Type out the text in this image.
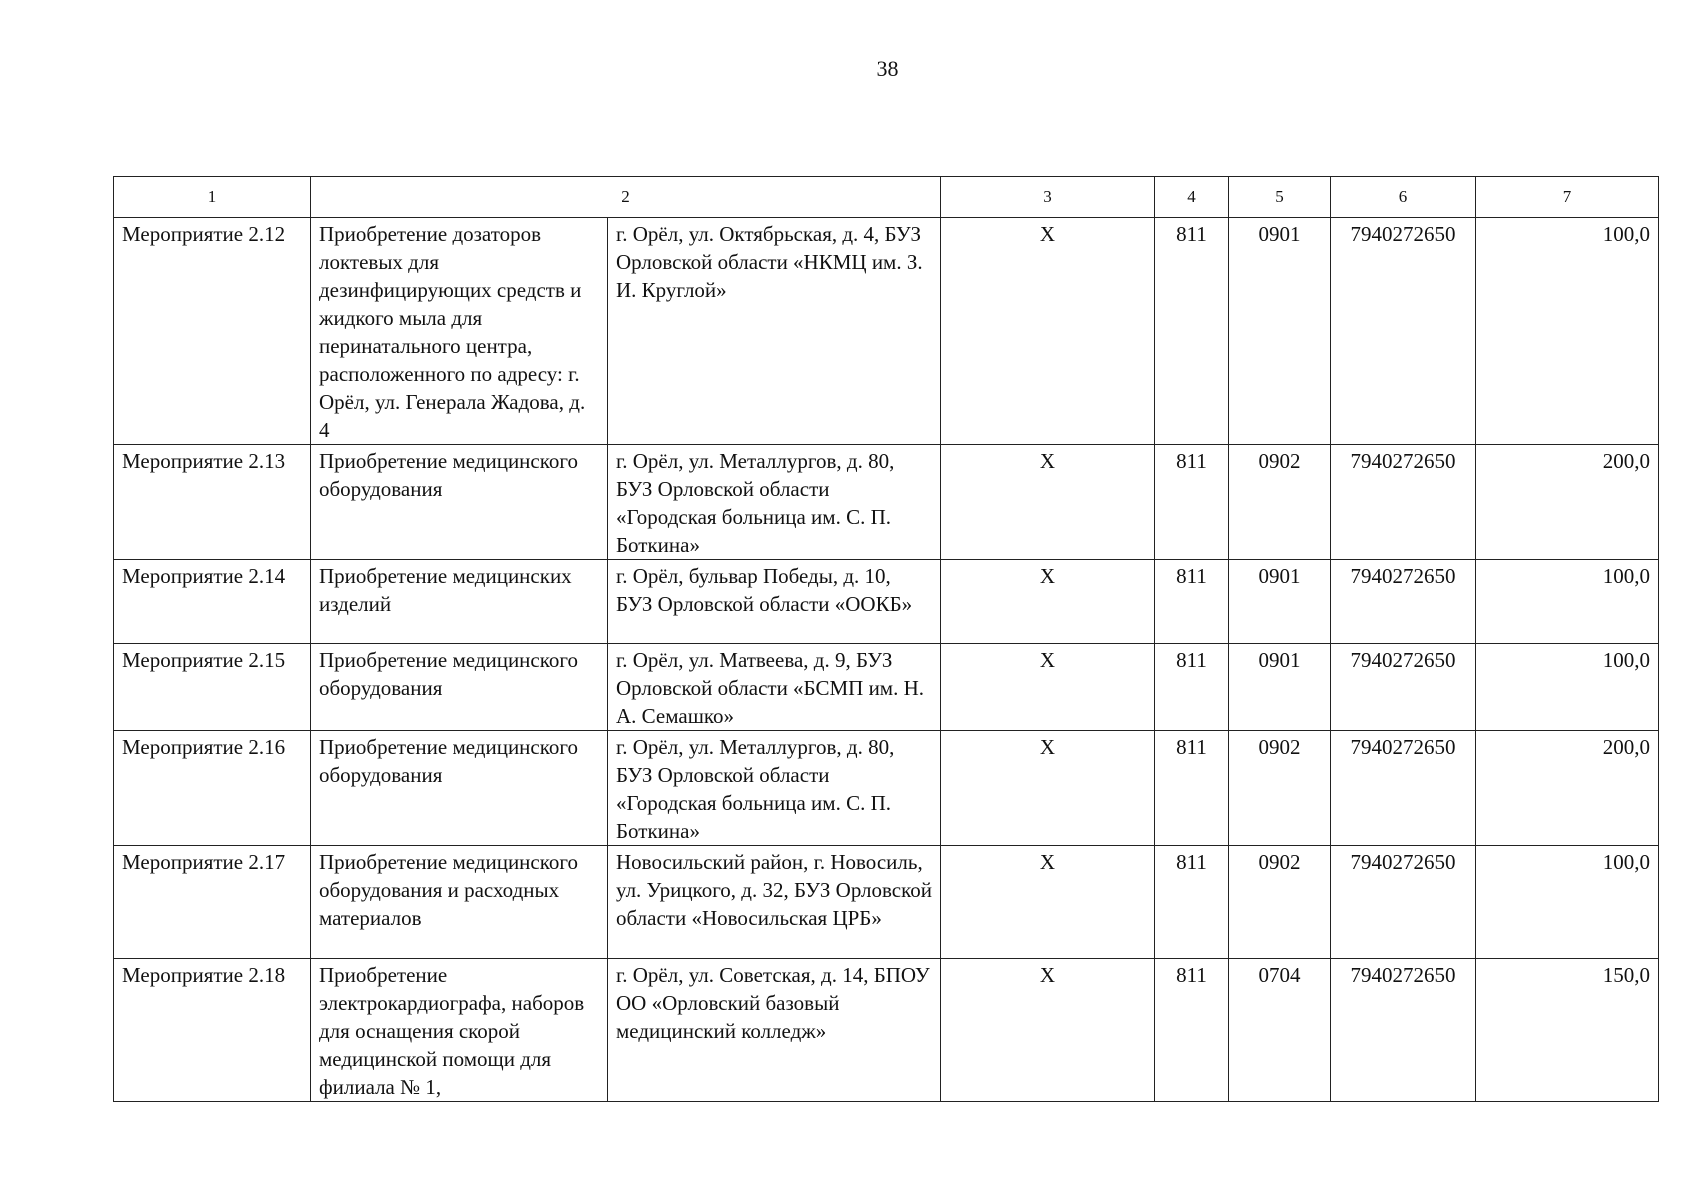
38
1	2		3	4	5	6	7
Мероприятие 2.12	Приобретение дозаторов локтевых для дезинфицирующих средств и жидкого мыла для перинатального центра, расположенного по адресу: г. Орёл, ул. Генерала Жадова, д. 4	г. Орёл, ул. Октябрьская, д. 4, БУЗ Орловской области «НКМЦ им. З. И. Круглой»	Х	811	0901	7940272650	100,0
Мероприятие 2.13	Приобретение медицинского оборудования	г. Орёл, ул. Металлургов, д. 80, БУЗ Орловской области «Городская больница им. С. П. Боткина»	Х	811	0902	7940272650	200,0
Мероприятие 2.14	Приобретение медицинских изделий	г. Орёл, бульвар Победы, д. 10, БУЗ Орловской области «ООКБ»	Х	811	0901	7940272650	100,0
Мероприятие 2.15	Приобретение медицинского оборудования	г. Орёл, ул. Матвеева, д. 9, БУЗ Орловской области «БСМП им. Н. А. Семашко»	Х	811	0901	7940272650	100,0
Мероприятие 2.16	Приобретение медицинского оборудования	г. Орёл, ул. Металлургов, д. 80, БУЗ Орловской области «Городская больница им. С. П. Боткина»	Х	811	0902	7940272650	200,0
Мероприятие 2.17	Приобретение медицинского оборудования и расходных материалов	Новосильский район, г. Новосиль, ул. Урицкого, д. 32, БУЗ Орловской области «Новосильская ЦРБ»	Х	811	0902	7940272650	100,0
Мероприятие 2.18	Приобретение электрокардиографа, наборов для оснащения скорой медицинской помощи для филиала № 1,	г. Орёл, ул. Советская, д. 14, БПОУ ОО «Орловский базовый медицинский колледж»	Х	811	0704	7940272650	150,0
